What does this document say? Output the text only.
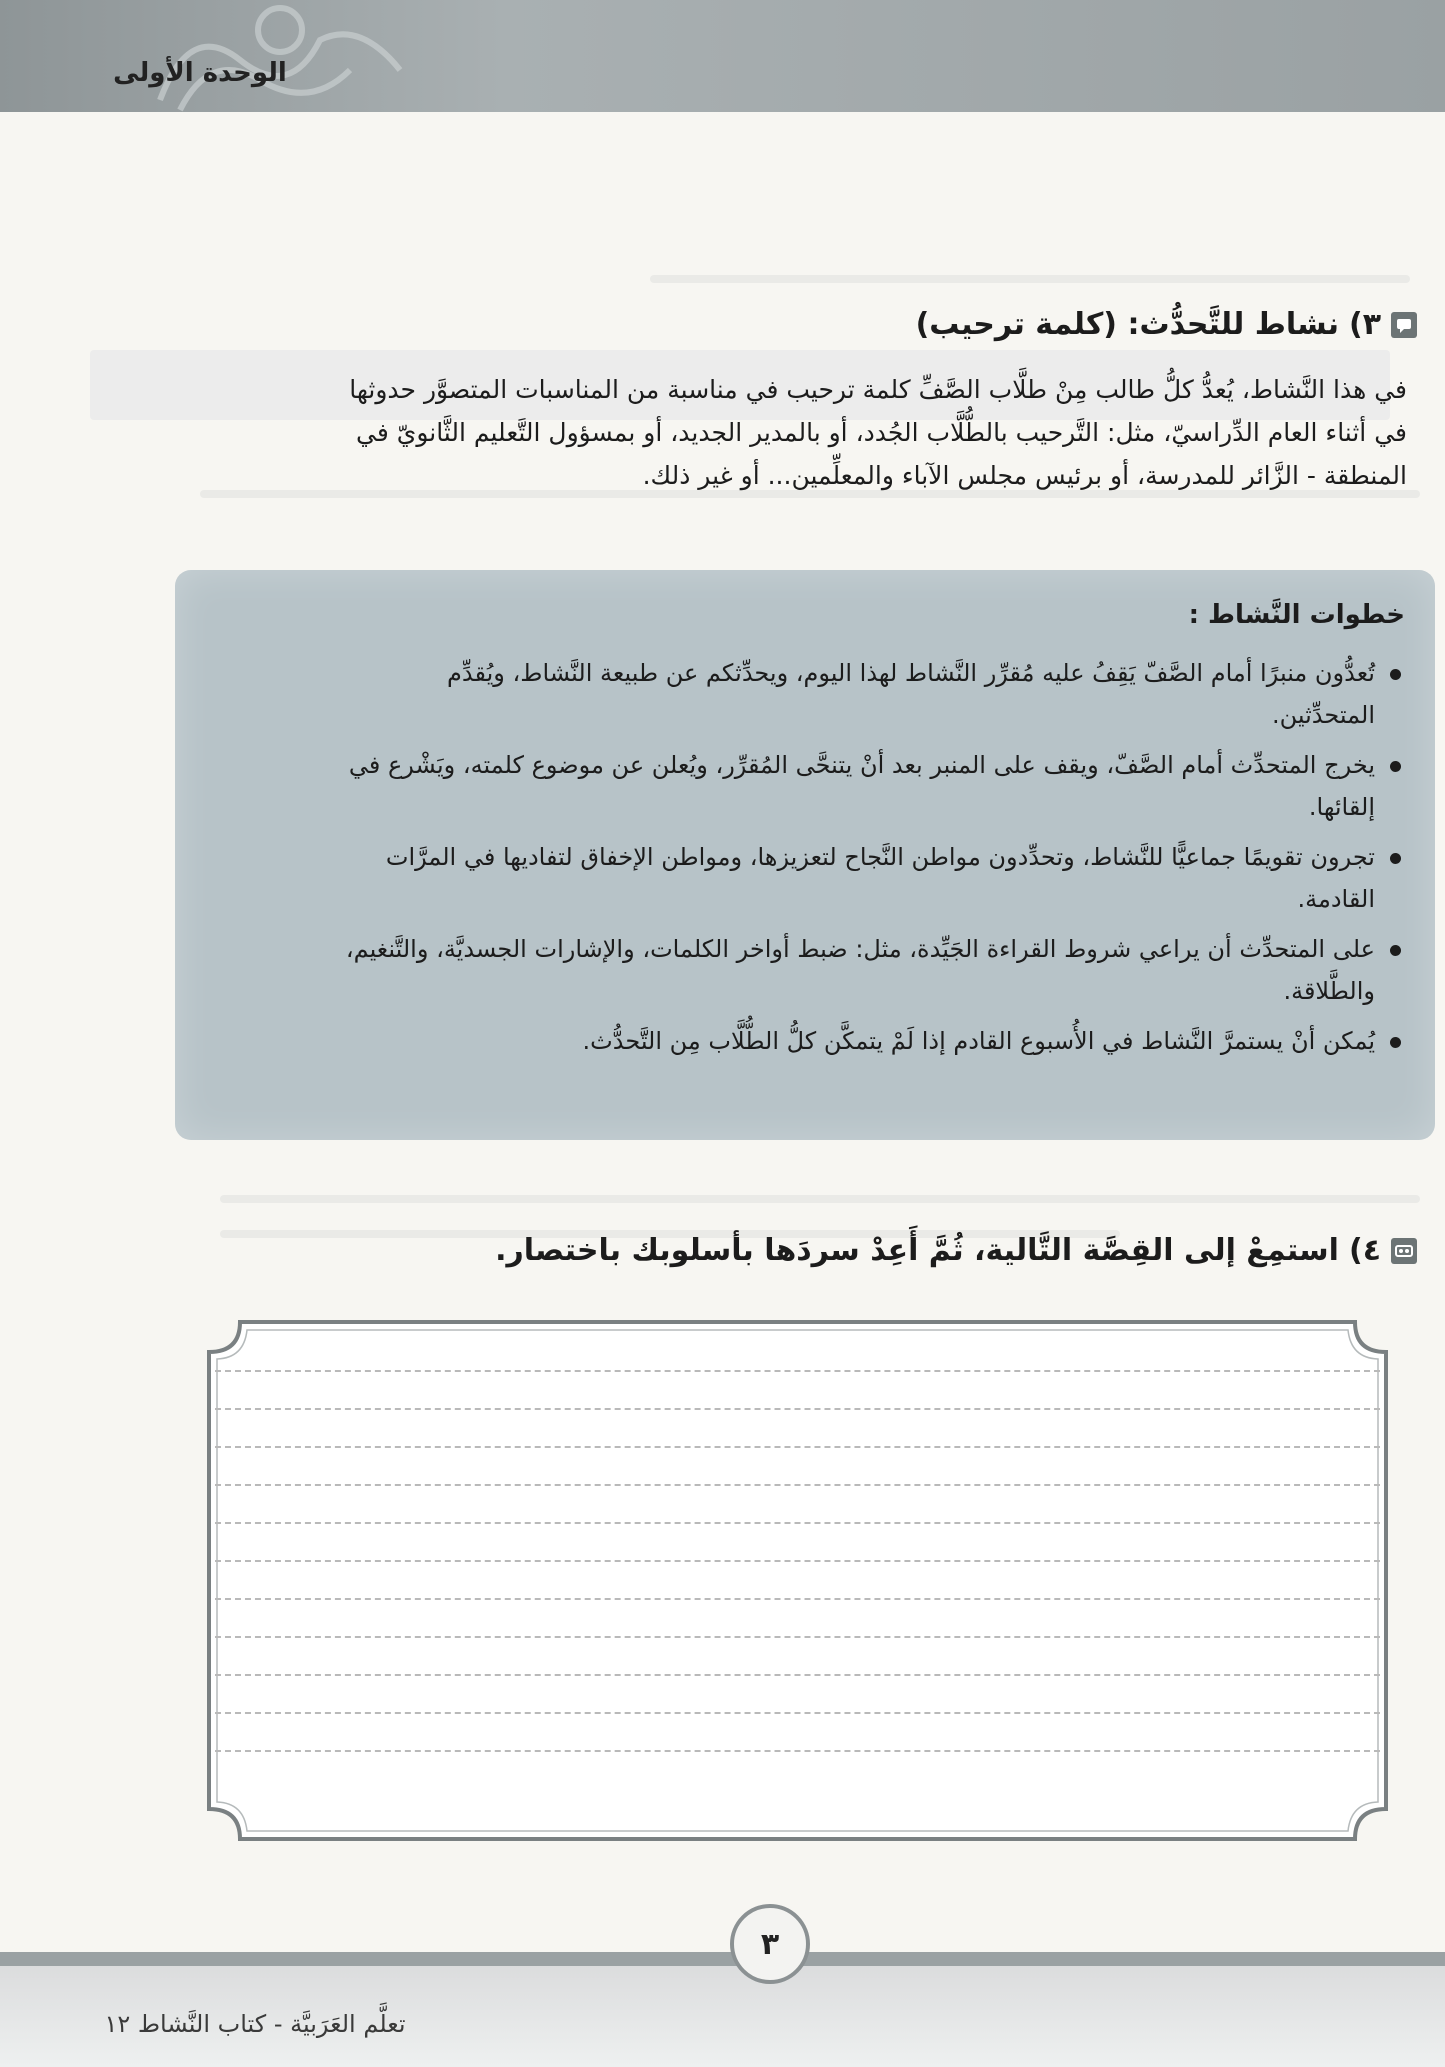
الوحدة الأولى
٣)
نشاط للتَّحدُّث: (كلمة ترحيب)
في هذا النَّشاط، يُعدُّ كلُّ طالب مِنْ طلَّاب الصَّفِّ كلمة ترحيب في مناسبة من المناسبات المتصوَّر حدوثها
في أثناء العام الدِّراسيّ، مثل: التَّرحيب بالطُّلَّاب الجُدد، أو بالمدير الجديد، أو بمسؤول التَّعليم الثَّانويّ في
المنطقة - الزَّائر للمدرسة، أو برئيس مجلس الآباء والمعلِّمين... أو غير ذلك.
خطوات النَّشاط :
تُعدُّون منبرًا أمام الصَّفّ يَقِفُ عليه مُقرِّر النَّشاط لهذا اليوم، ويحدِّثكم عن طبيعة النَّشاط، ويُقدِّم
المتحدِّثين.
يخرج المتحدِّث أمام الصَّفّ، ويقف على المنبر بعد أنْ يتنحَّى المُقرِّر، ويُعلن عن موضوع كلمته، ويَشْرع في
إلقائها.
تجرون تقويمًا جماعيًّا للنَّشاط، وتحدِّدون مواطن النَّجاح لتعزيزها، ومواطن الإخفاق لتفاديها في المرَّات
القادمة.
على المتحدِّث أن يراعي شروط القراءة الجَيِّدة، مثل: ضبط أواخر الكلمات، والإشارات الجسديَّة، والتَّنغيم،
والطَّلاقة.
يُمكن أنْ يستمرَّ النَّشاط في الأُسبوع القادم إذا لَمْ يتمكَّن كلُّ الطُّلَّاب مِن التَّحدُّث.
٤)
استمِعْ إلى القِصَّة التَّالية، ثُمَّ أَعِدْ سردَها بأسلوبك باختصار.
٣
تعلَّم العَرَبيَّة - كتاب النَّشاط ١٢
